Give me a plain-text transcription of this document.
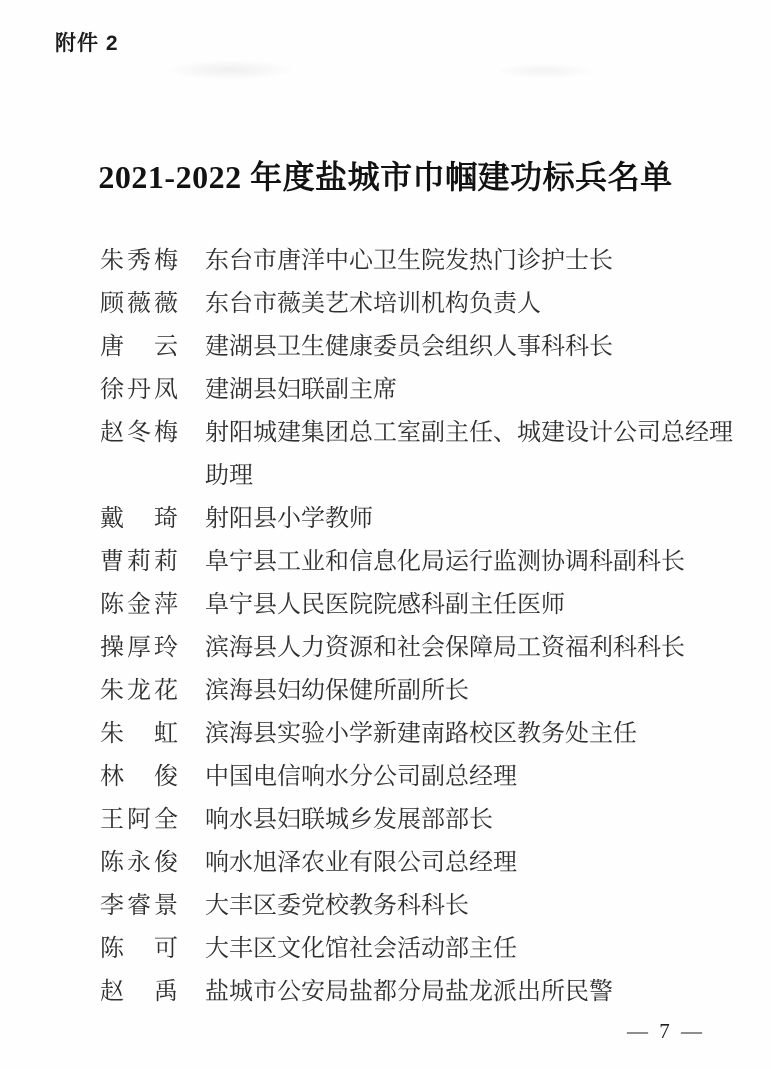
附件 2
2021-2022 年度盐城市巾帼建功标兵名单
朱秀梅 东台市唐洋中心卫生院发热门诊护士长
顾薇薇 东台市薇美艺术培训机构负责人
唐云 建湖县卫生健康委员会组织人事科科长
徐丹凤 建湖县妇联副主席
赵冬梅 射阳城建集团总工室副主任、城建设计公司总经理助理
戴琦 射阳县小学教师
曹莉莉 阜宁县工业和信息化局运行监测协调科副科长
陈金萍 阜宁县人民医院院感科副主任医师
操厚玲 滨海县人力资源和社会保障局工资福利科科长
朱龙花 滨海县妇幼保健所副所长
朱虹 滨海县实验小学新建南路校区教务处主任
林俊 中国电信响水分公司副总经理
王阿全 响水县妇联城乡发展部部长
陈永俊 响水旭泽农业有限公司总经理
李睿景 大丰区委党校教务科科长
陈可 大丰区文化馆社会活动部主任
赵禹 盐城市公安局盐都分局盐龙派出所民警
— 7 —
